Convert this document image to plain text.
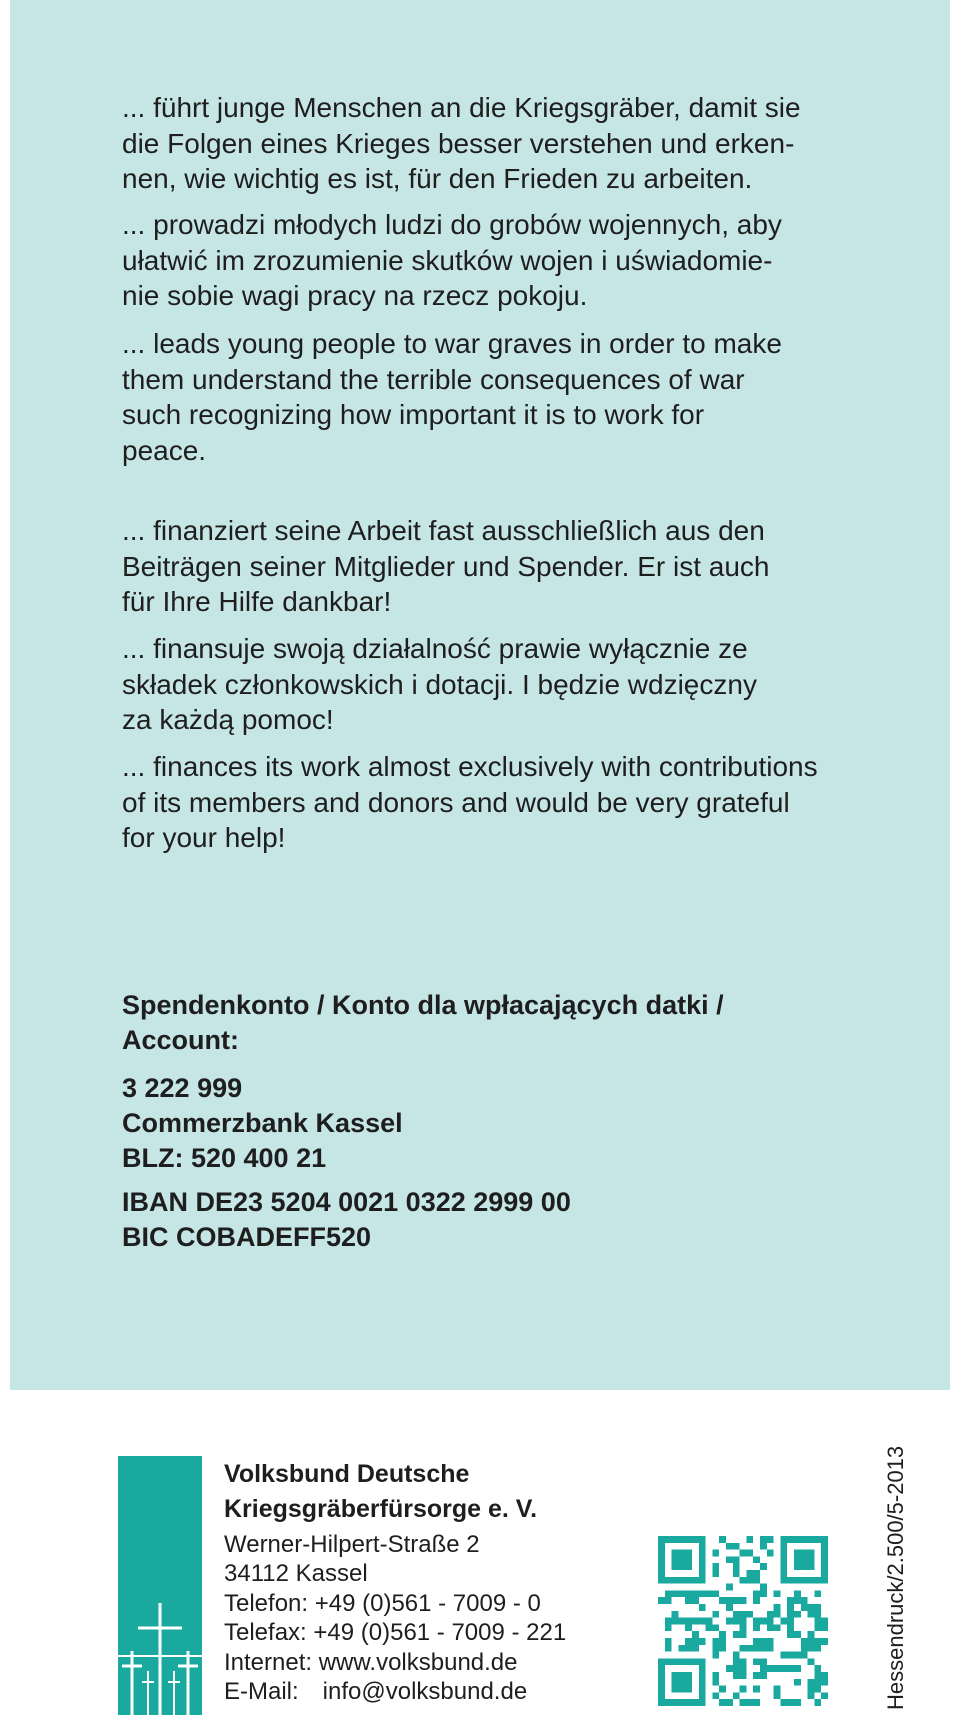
... führt junge Menschen an die Kriegsgräber, damit sie
die Folgen eines Krieges besser verstehen und erken-
nen, wie wichtig es ist, für den Frieden zu arbeiten.

... prowadzi młodych ludzi do grobów wojennych, aby
ułatwić im zrozumienie skutków wojen i uświadomie-
nie sobie wagi pracy na rzecz pokoju.

... leads young people to war graves in order to make
them understand the terrible consequences of war
such recognizing how important it is to work for
peace.

... finanziert seine Arbeit fast ausschließlich aus den
Beiträgen seiner Mitglieder und Spender. Er ist auch
für Ihre Hilfe dankbar!

... finansuje swoją działalność prawie wyłącznie ze
składek członkowskich i dotacji. I będzie wdzięczny
za każdą pomoc!

... finances its work almost exclusively with contributions
of its members and donors and would be very grateful
for your help!

Spendenkonto / Konto dla wpłacających datki /
Account:
3 222 999
Commerzbank Kassel
BLZ: 520 400 21
IBAN DE23 5204 0021 0322 2999 00
BIC COBADEFF520
Volksbund Deutsche
Kriegsgräberfürsorge e. V.
Werner-Hilpert-Straße 2
34112 Kassel
Telefon: +49 (0)561 - 7009 - 0
Telefax: +49 (0)561 - 7009 - 221
Internet: www.volksbund.de
E-Mail: info@volksbund.de	Hessendruck/2.500/5-2013
